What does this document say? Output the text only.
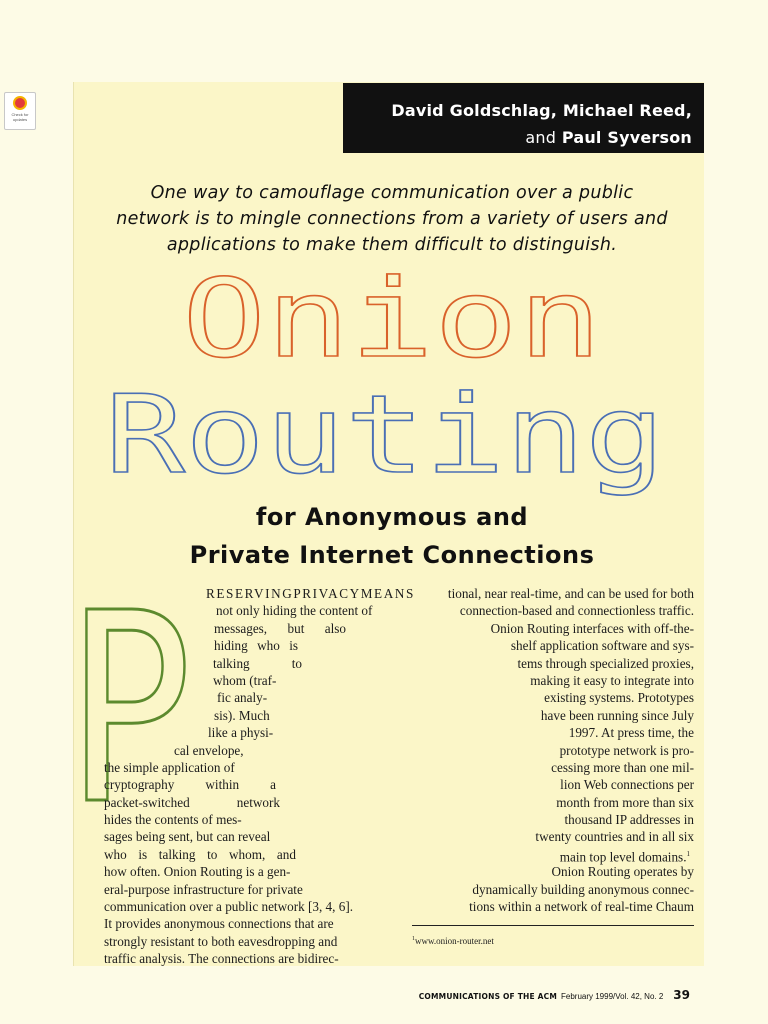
Check for updates	David Goldschlag, Michael Reed,
and Paul Syverson
One way to camouflage communication over a public
network is to mingle connections from a variety of users and
applications to make them difficult to distinguish.
Onion
Routing
for Anonymous and
Private Internet Connections
P RESERVING PRIVACY MEANS
not only hiding the content of
messages, but also
hiding who is
talking	to
whom (traf-
fic analy-
sis). Much
like a physi-
cal envelope,
the simple application of
cryptography within a
packet-switched	network
hides the contents of mes-
sages being sent, but can reveal
who is talking to whom, and
how often. Onion Routing is a gen-
eral-purpose infrastructure for private
communication over a public network [3, 4, 6].
It provides anonymous connections that are
strongly resistant to both eavesdropping and
traffic analysis. The connections are bidirec-
tional, near real-time, and can be used for both
connection-based and connectionless traffic.
Onion Routing interfaces with off-the-
shelf application software and sys-
tems through specialized proxies,
making it easy to integrate into
existing systems. Prototypes
have been running since July
1997. At press time, the
prototype network is pro-
cessing more than one mil-
lion Web connections per
month from more than six
thousand IP addresses in
twenty countries and in all six
main top level domains.$^1$
Onion Routing operates by
dynamically building anonymous connec-
tions within a network of real-time Chaum
$^1$www.onion-router.net
COMMUNICATIONS OF THE ACM February 1999/Vol. 42, No. 2 39
